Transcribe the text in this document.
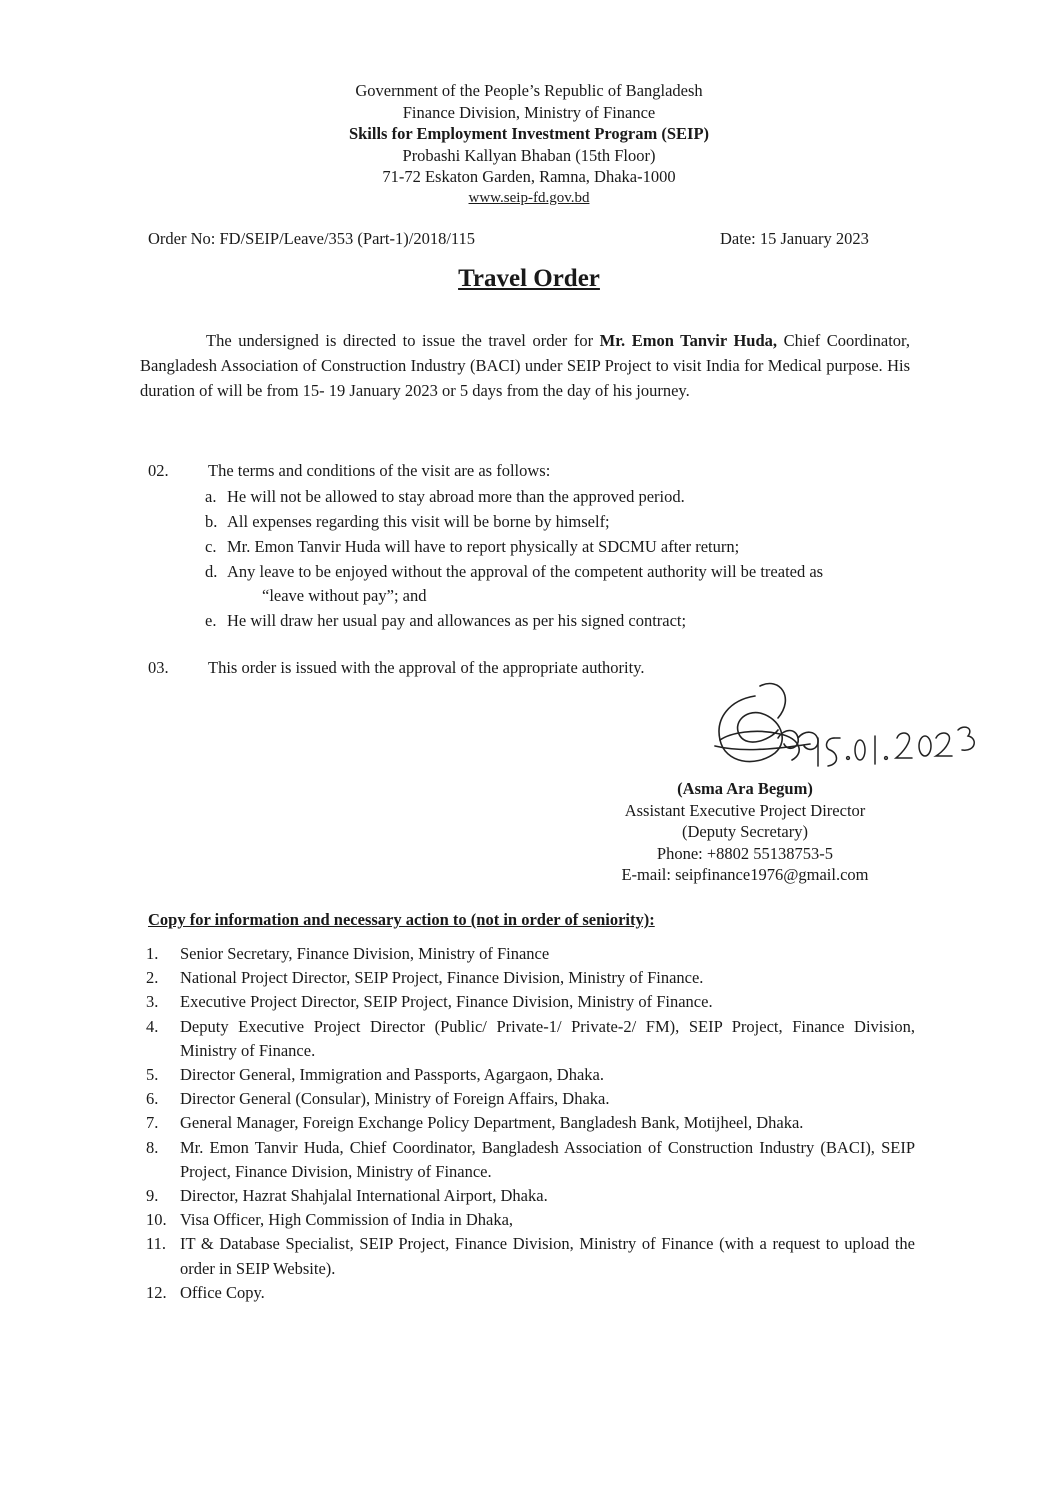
Government of the People’s Republic of Bangladesh
Finance Division, Ministry of Finance
Skills for Employment Investment Program (SEIP)
Probashi Kallyan Bhaban (15th Floor)
71-72 Eskaton Garden, Ramna, Dhaka-1000
www.seip-fd.gov.bd
Order No: FD/SEIP/Leave/353 (Part-1)/2018/115	Date: 15 January 2023
Travel Order
The undersigned is directed to issue the travel order for Mr. Emon Tanvir Huda, Chief Coordinator, Bangladesh Association of Construction Industry (BACI) under SEIP Project to visit India for Medical purpose. His duration of will be from 15- 19 January 2023 or 5 days from the day of his journey.
02. The terms and conditions of the visit are as follows:
a. He will not be allowed to stay abroad more than the approved period.
b. All expenses regarding this visit will be borne by himself;
c. Mr. Emon Tanvir Huda will have to report physically at SDCMU after return;
d. Any leave to be enjoyed without the approval of the competent authority will be treated as
“leave without pay”; and
e. He will draw her usual pay and allowances as per his signed contract;
03. This order is issued with the approval of the appropriate authority.
(Asma Ara Begum)
Assistant Executive Project Director
(Deputy Secretary)
Phone: +8802 55138753-5
E-mail: seipfinance1976@gmail.com
Copy for information and necessary action to (not in order of seniority):
1.	Senior Secretary, Finance Division, Ministry of Finance
2.	National Project Director, SEIP Project, Finance Division, Ministry of Finance.
3.	Executive Project Director, SEIP Project, Finance Division, Ministry of Finance.
4.	Deputy Executive Project Director (Public/ Private-1/ Private-2/ FM), SEIP Project, Finance Division, Ministry of Finance.
5.	Director General, Immigration and Passports, Agargaon, Dhaka.
6.	Director General (Consular), Ministry of Foreign Affairs, Dhaka.
7.	General Manager, Foreign Exchange Policy Department, Bangladesh Bank, Motijheel, Dhaka.
8.	Mr. Emon Tanvir Huda, Chief Coordinator, Bangladesh Association of Construction Industry (BACI), SEIP Project, Finance Division, Ministry of Finance.
9.	Director, Hazrat Shahjalal International Airport, Dhaka.
10. Visa Officer, High Commission of India in Dhaka,
11. IT & Database Specialist, SEIP Project, Finance Division, Ministry of Finance (with a request to upload the order in SEIP Website).
12. Office Copy.
